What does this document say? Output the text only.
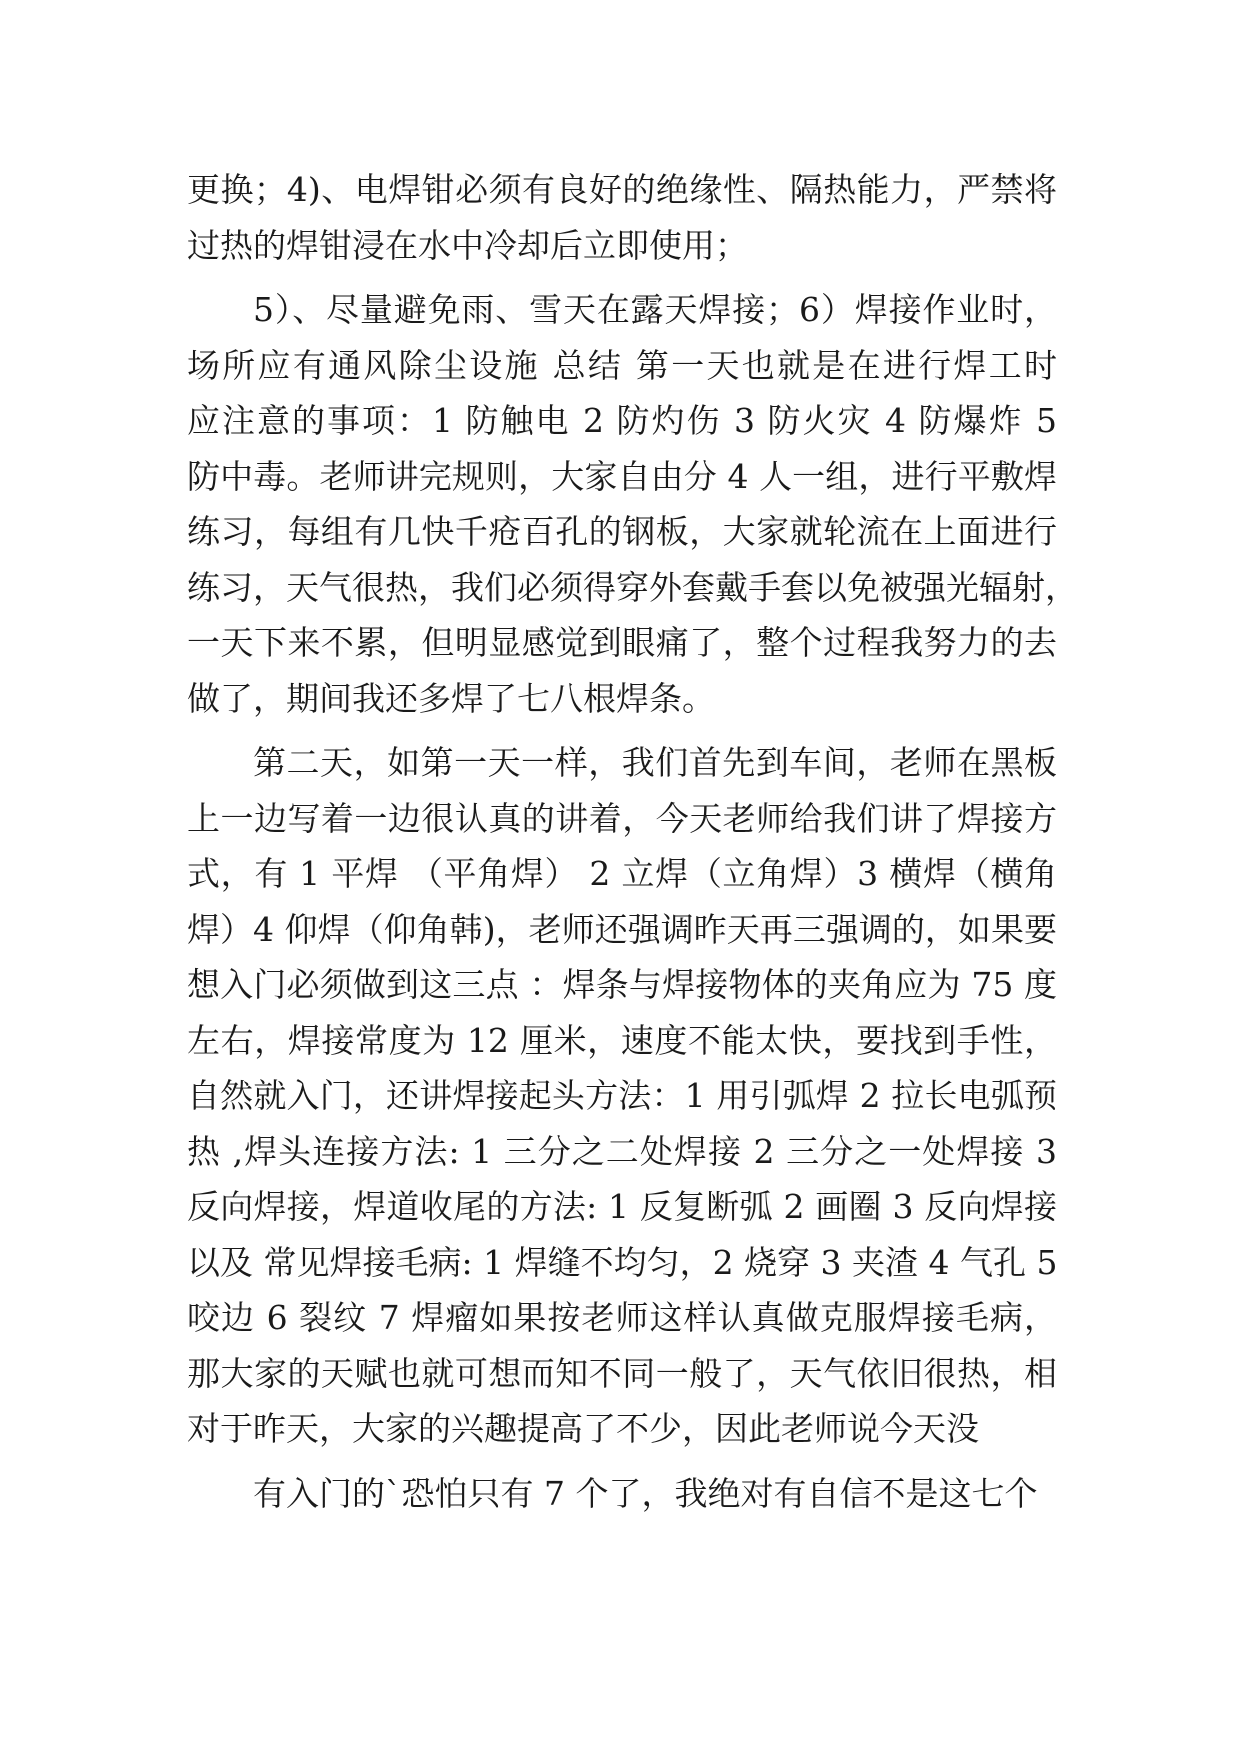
更换；4)、电焊钳必须有良好的绝缘性、隔热能力，严禁将
过热的焊钳浸在水中冷却后立即使用；
5）、尽量避免雨、雪天在露天焊接；6）焊接作业时，
场所应有通风除尘设施 总结 第一天也就是在进行焊工时
应注意的事项：1 防触电 2 防灼伤 3 防火灾 4 防爆炸 5
防中毒。老师讲完规则，大家自由分 4 人一组，进行平敷焊
练习，每组有几快千疮百孔的钢板，大家就轮流在上面进行
练习，天气很热，我们必须得穿外套戴手套以免被强光辐射，
一天下来不累，但明显感觉到眼痛了，整个过程我努力的去
做了，期间我还多焊了七八根焊条。
第二天，如第一天一样，我们首先到车间，老师在黑板
上一边写着一边很认真的讲着，今天老师给我们讲了焊接方
式，有 1 平焊 （平角焊） 2 立焊（立角焊）3 横焊（横角
焊）4 仰焊（仰角韩)，老师还强调昨天再三强调的，如果要
想入门必须做到这三点 ：焊条与焊接物体的夹角应为 75 度
左右，焊接常度为 12 厘米，速度不能太快，要找到手性，
自然就入门，还讲焊接起头方法：1 用引弧焊 2 拉长电弧预
热 ,焊头连接方法: 1 三分之二处焊接 2 三分之一处焊接 3
反向焊接，焊道收尾的方法: 1 反复断弧 2 画圈 3 反向焊接
以及 常见焊接毛病: 1 焊缝不均匀，2 烧穿 3 夹渣 4 气孔 5
咬边 6 裂纹 7 焊瘤如果按老师这样认真做克服焊接毛病，
那大家的天赋也就可想而知不同一般了，天气依旧很热，相
对于昨天，大家的兴趣提高了不少，因此老师说今天没
有入门的`恐怕只有 7 个了，我绝对有自信不是这七个
